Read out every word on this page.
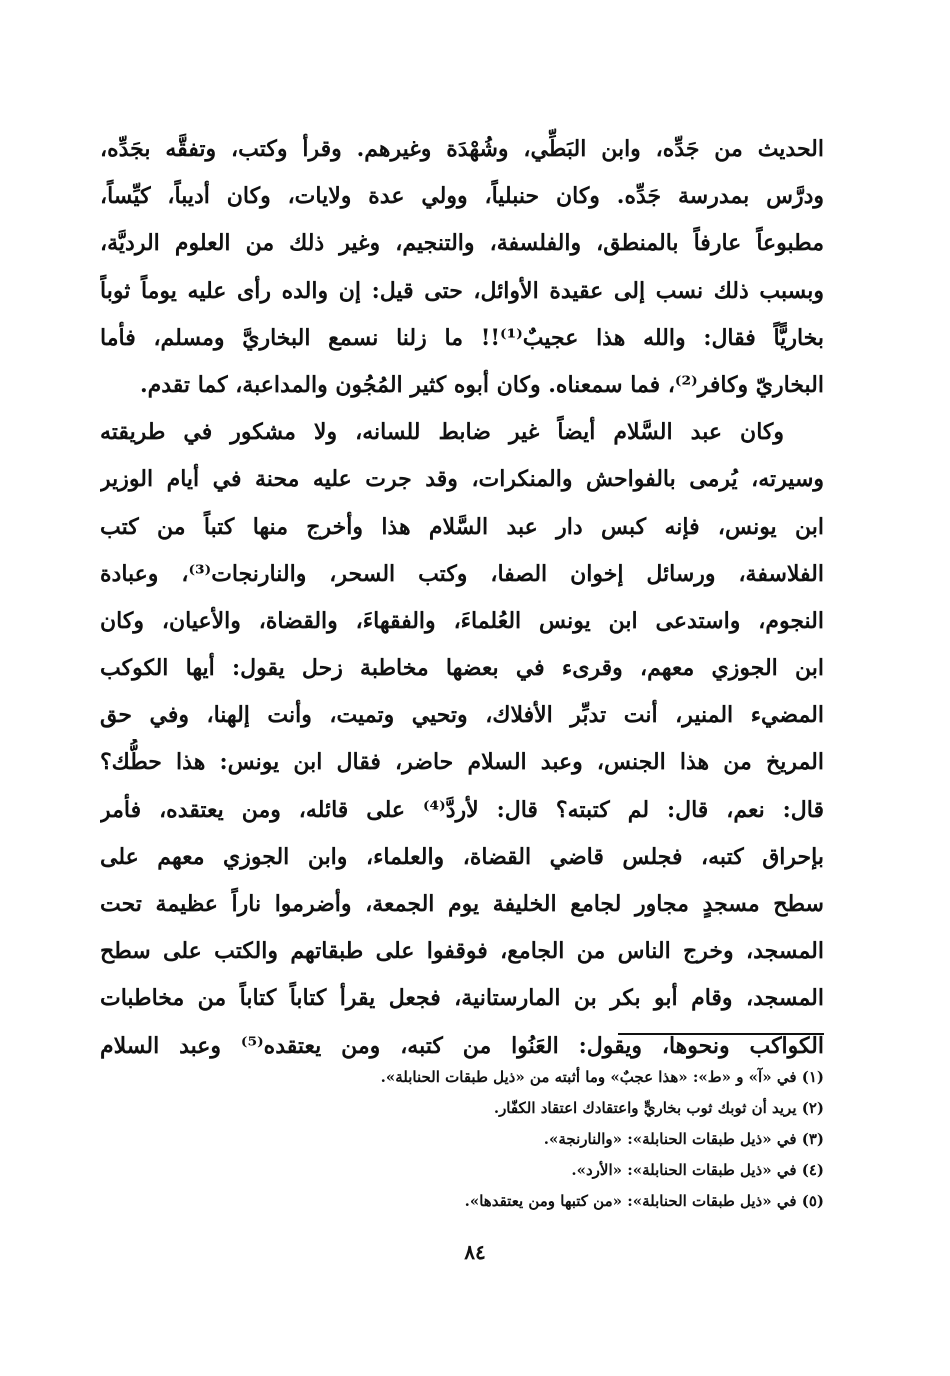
الحديث من جَدِّه، وابن البَطِّي، وشُهْدَة وغيرهم. وقرأ وكتب، وتفقَّه بجَدِّه،
ودرَّس بمدرسة جَدِّه. وكان حنبلياً، وولي عدة ولايات، وكان أديباً، كيِّساً،
مطبوعاً عارفاً بالمنطق، والفلسفة، والتنجيم، وغير ذلك من العلوم الرديَّة،
وبسبب ذلك نسب إلى عقيدة الأوائل، حتى قيل: إن والده رأى عليه يوماً ثوباً
بخاريًّاً فقال: والله هذا عجيبٌ⁽¹⁾!! ما زلنا نسمع البخاريَّ ومسلم، فأما
البخاريّ وكافر⁽²⁾، فما سمعناه. وكان أبوه كثير المُجُون والمداعبة، كما تقدم.
وكان عبد السَّلام أيضاً غير ضابط للسانه، ولا مشكور في طريقته
وسيرته، يُرمى بالفواحش والمنكرات، وقد جرت عليه محنة في أيام الوزير
ابن يونس، فإنه كبس دار عبد السَّلام هذا وأخرج منها كتباً من كتب
الفلاسفة، ورسائل إخوان الصفا، وكتب السحر، والنارنجات⁽³⁾، وعبادة
النجوم، واستدعى ابن يونس العُلماءَ، والفقهاءَ، والقضاة، والأعيان، وكان
ابن الجوزي معهم، وقرىء في بعضها مخاطبة زحل يقول: أيها الكوكب
المضيء المنير، أنت تدبِّر الأفلاك، وتحيي وتميت، وأنت إلهنا، وفي حق
المريخ من هذا الجنس، وعبد السلام حاضر، فقال ابن يونس: هذا حطُّك؟
قال: نعم، قال: لم كتبته؟ قال: لأردَّ⁽⁴⁾ على قائله، ومن يعتقده، فأمر
بإحراق كتبه، فجلس قاضي القضاة، والعلماء، وابن الجوزي معهم على
سطح مسجدٍ مجاور لجامع الخليفة يوم الجمعة، وأضرموا ناراً عظيمة تحت
المسجد، وخرج الناس من الجامع، فوقفوا على طبقاتهم والكتب على سطح
المسجد، وقام أبو بكر بن المارستانية، فجعل يقرأ كتاباً كتاباً من مخاطبات
الكواكب ونحوها، ويقول: العَنُوا من كتبه، ومن يعتقده⁽⁵⁾ وعبد السلام
(١) في «آ» و «ط»: «هذا عجبٌ» وما أثبته من «ذيل طبقات الحنابلة».
(٢) يريد أن ثوبك ثوب بخاريٍّ واعتقادك اعتقاد الكفّار.
(٣) في «ذيل طبقات الحنابلة»: «والنارنجة».
(٤) في «ذيل طبقات الحنابلة»: «الأرد».
(٥) في «ذيل طبقات الحنابلة»: «من كتبها ومن يعتقدها».
٨٤
